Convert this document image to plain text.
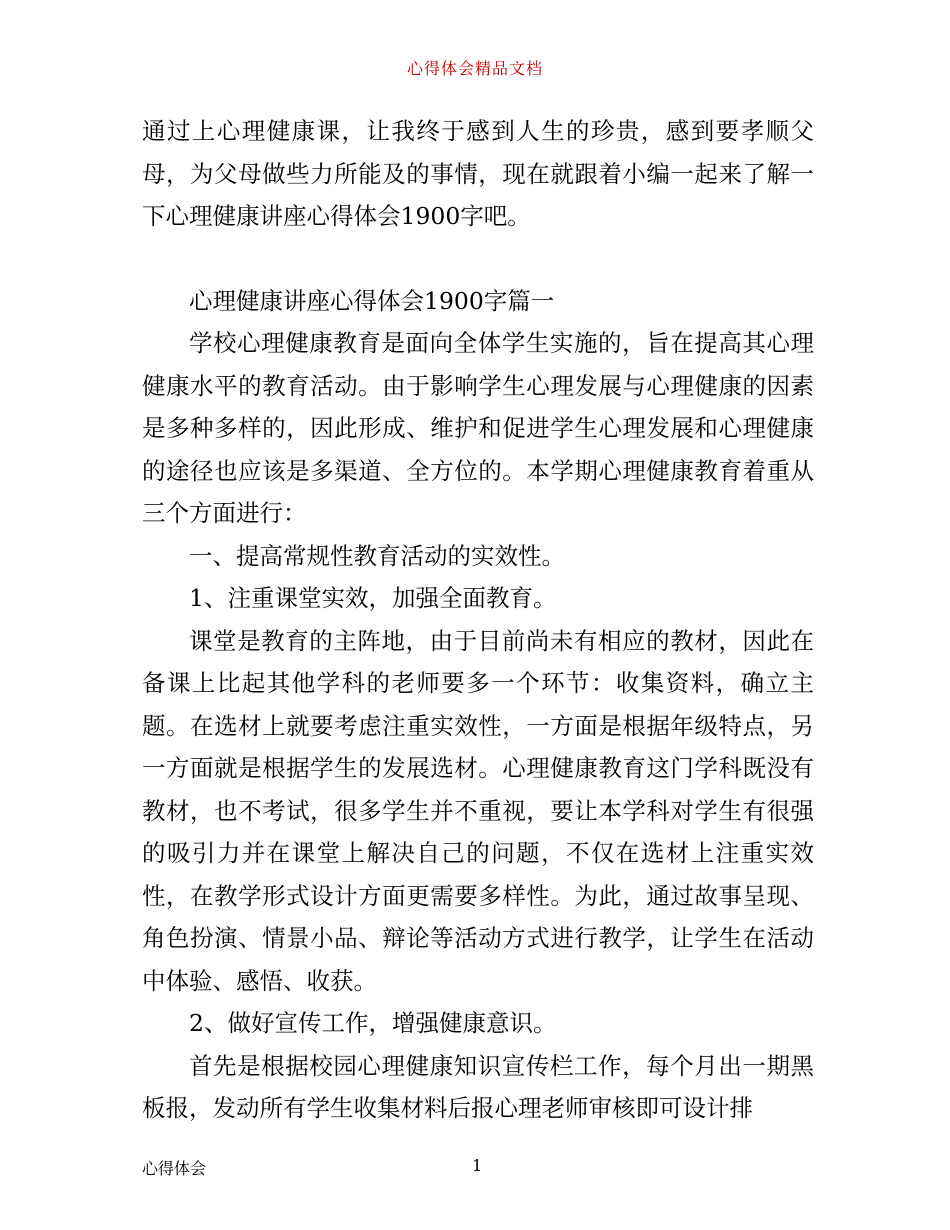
心得体会精品文档

通过上心理健康课，让我终于感到人生的珍贵，感到要孝顺父母，为父母做些力所能及的事情，现在就跟着小编一起来了解一下心理健康讲座心得体会1900字吧。

心理健康讲座心得体会1900字篇一

学校心理健康教育是面向全体学生实施的，旨在提高其心理健康水平的教育活动。由于影响学生心理发展与心理健康的因素是多种多样的，因此形成、维护和促进学生心理发展和心理健康的途径也应该是多渠道、全方位的。本学期心理健康教育着重从三个方面进行：

一、提高常规性教育活动的实效性。

1、注重课堂实效，加强全面教育。

课堂是教育的主阵地，由于目前尚未有相应的教材，因此在备课上比起其他学科的老师要多一个环节：收集资料，确立主题。在选材上就要考虑注重实效性，一方面是根据年级特点，另一方面就是根据学生的发展选材。心理健康教育这门学科既没有教材，也不考试，很多学生并不重视，要让本学科对学生有很强的吸引力并在课堂上解决自己的问题，不仅在选材上注重实效性，在教学形式设计方面更需要多样性。为此，通过故事呈现、角色扮演、情景小品、辩论等活动方式进行教学，让学生在活动中体验、感悟、收获。

2、做好宣传工作，增强健康意识。

首先是根据校园心理健康知识宣传栏工作，每个月出一期黑板报，发动所有学生收集材料后报心理老师审核即可设计排

心得体会	1
